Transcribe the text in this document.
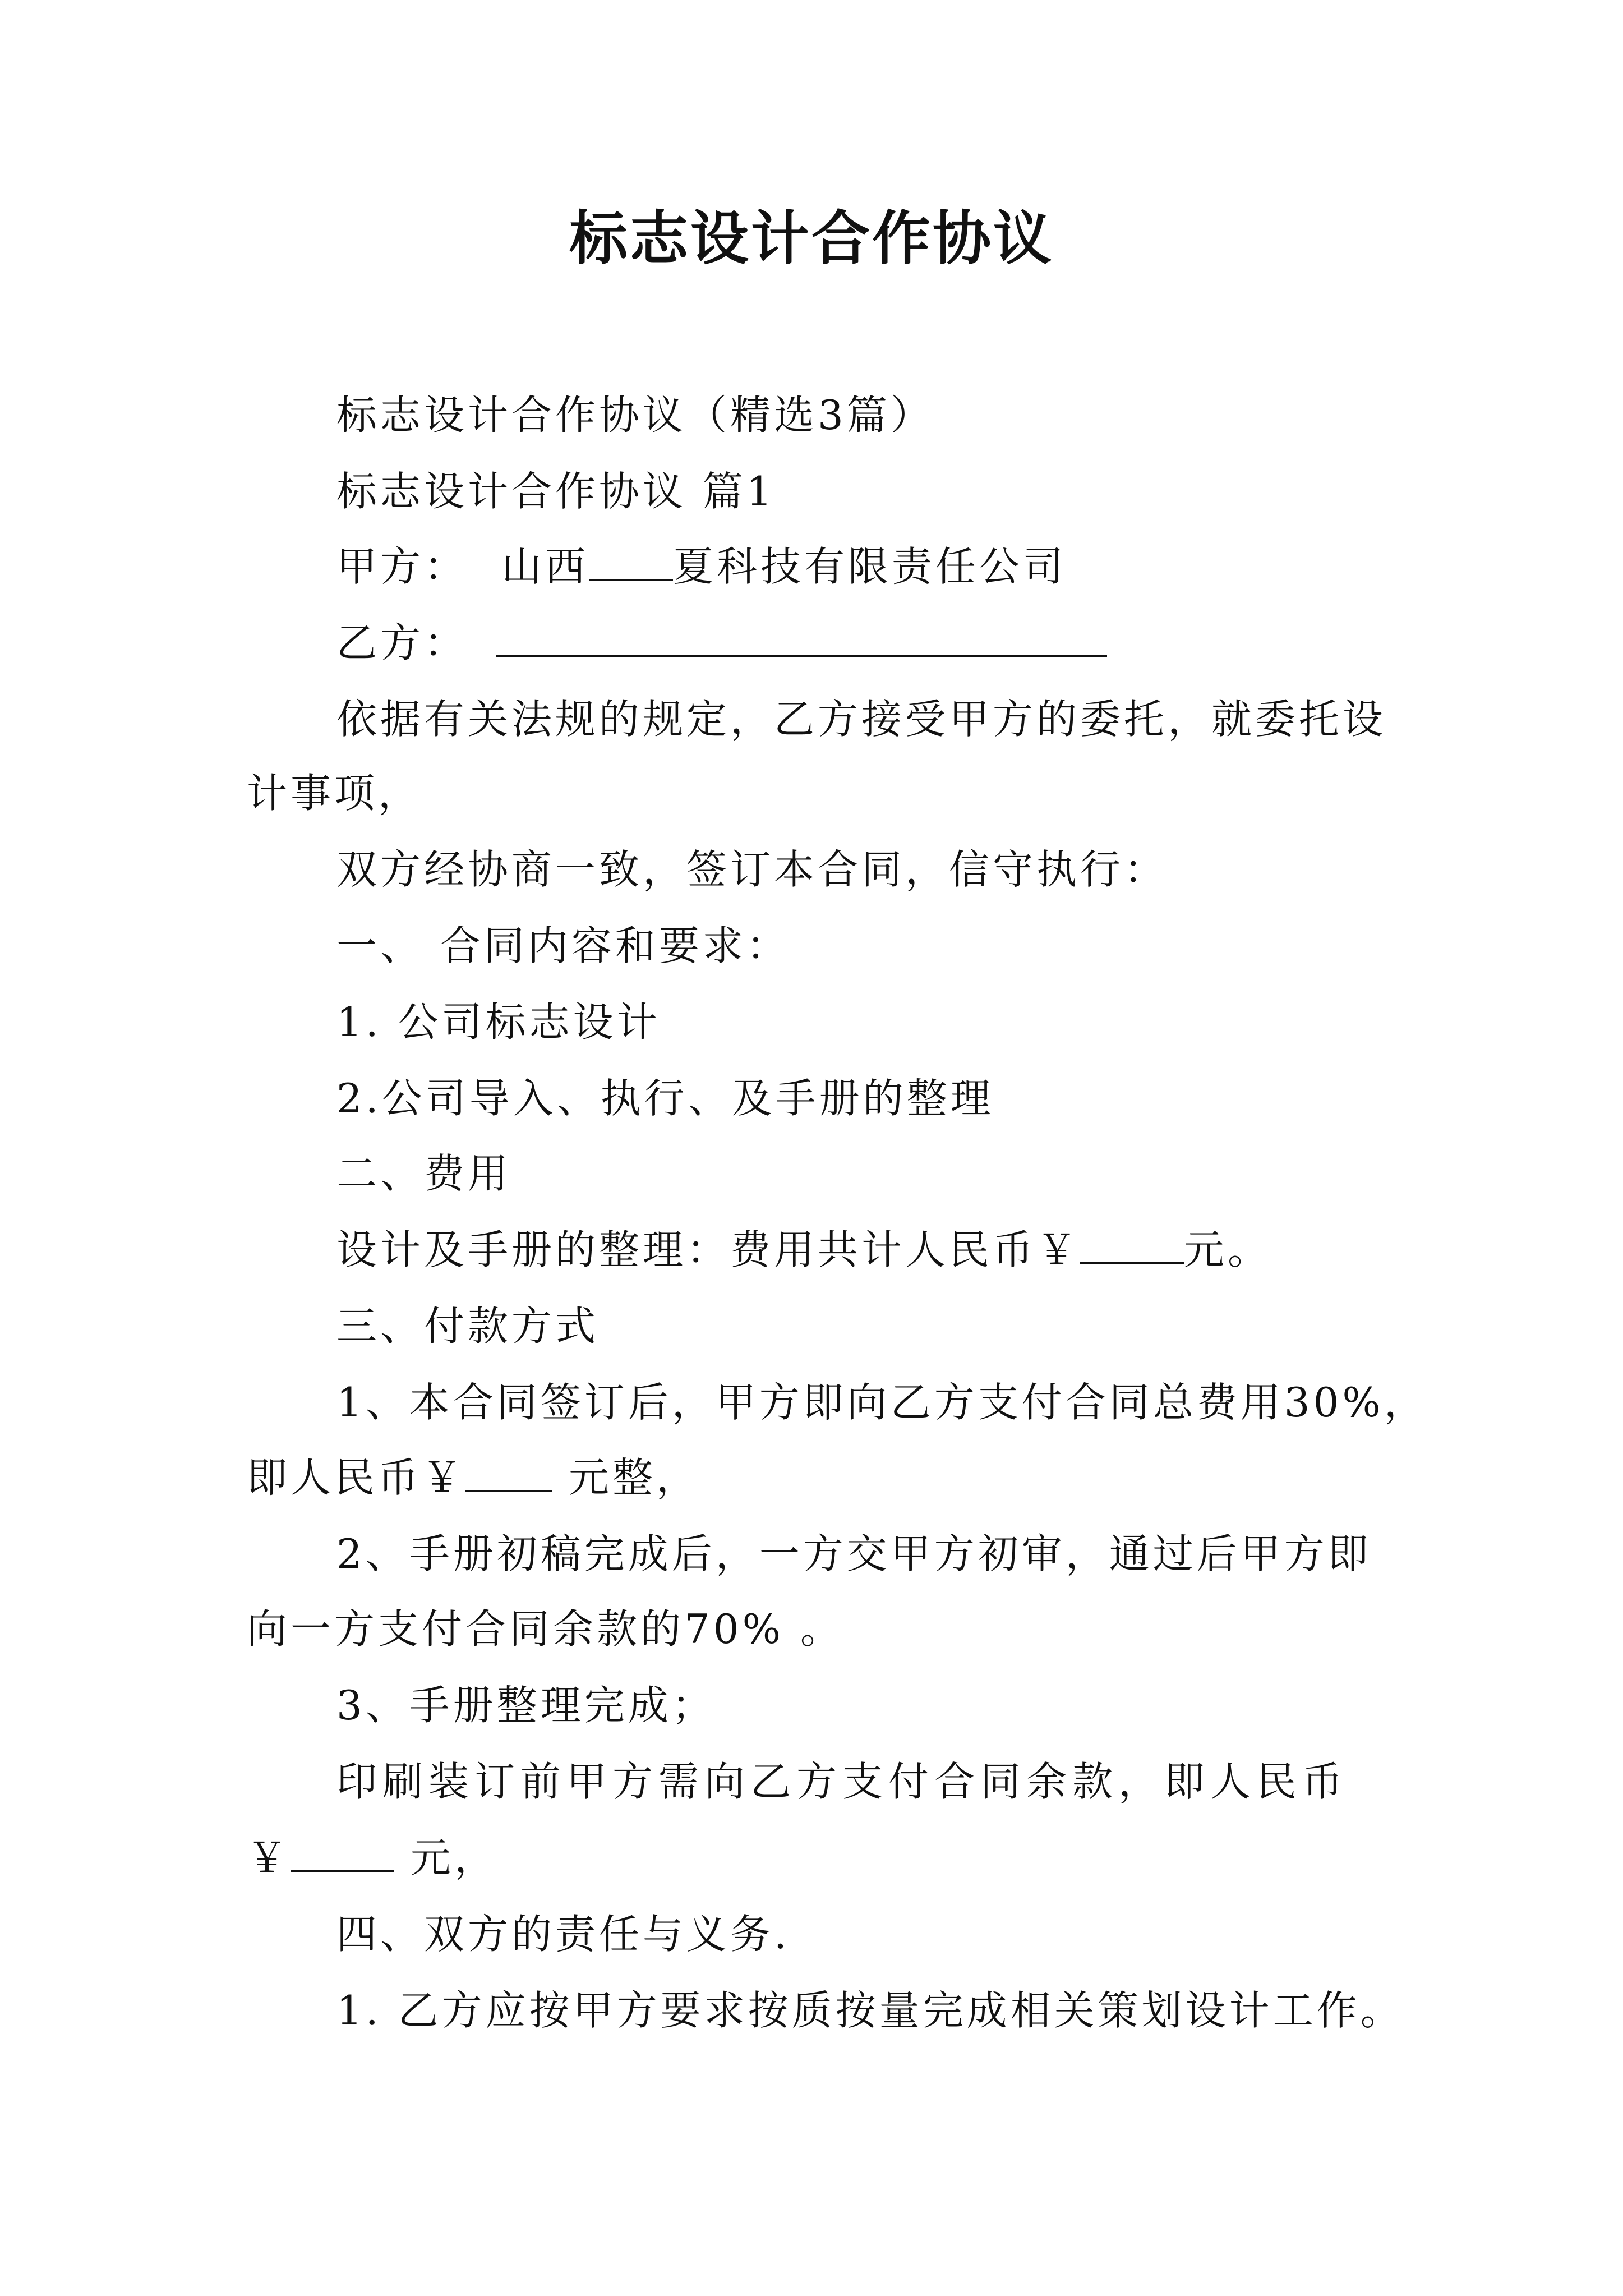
标志设计合作协议
标志设计合作协议（精选3篇）
标志设计合作协议 篇1
甲方： 山西 夏科技有限责任公司
乙方：
依据有关法规的规定，乙方接受甲方的委托，就委托设
计事项，
双方经协商一致，签订本合同，信守执行：
一、 合同内容和要求：
1. 公司标志设计
2.公司导入、执行、及手册的整理
二、费用
设计及手册的整理：费用共计人民币￥	元。
三、付款方式
1、本合同签订后，甲方即向乙方支付合同总费用30%，
即人民币￥ 元整，
2、手册初稿完成后，一方交甲方初审，通过后甲方即
向一方支付合同余款的70% 。
3、手册整理完成；
印刷装订前甲方需向乙方支付合同余款，即人民币
￥	元，
四、双方的责任与义务.
1. 乙方应按甲方要求按质按量完成相关策划设计工作。
